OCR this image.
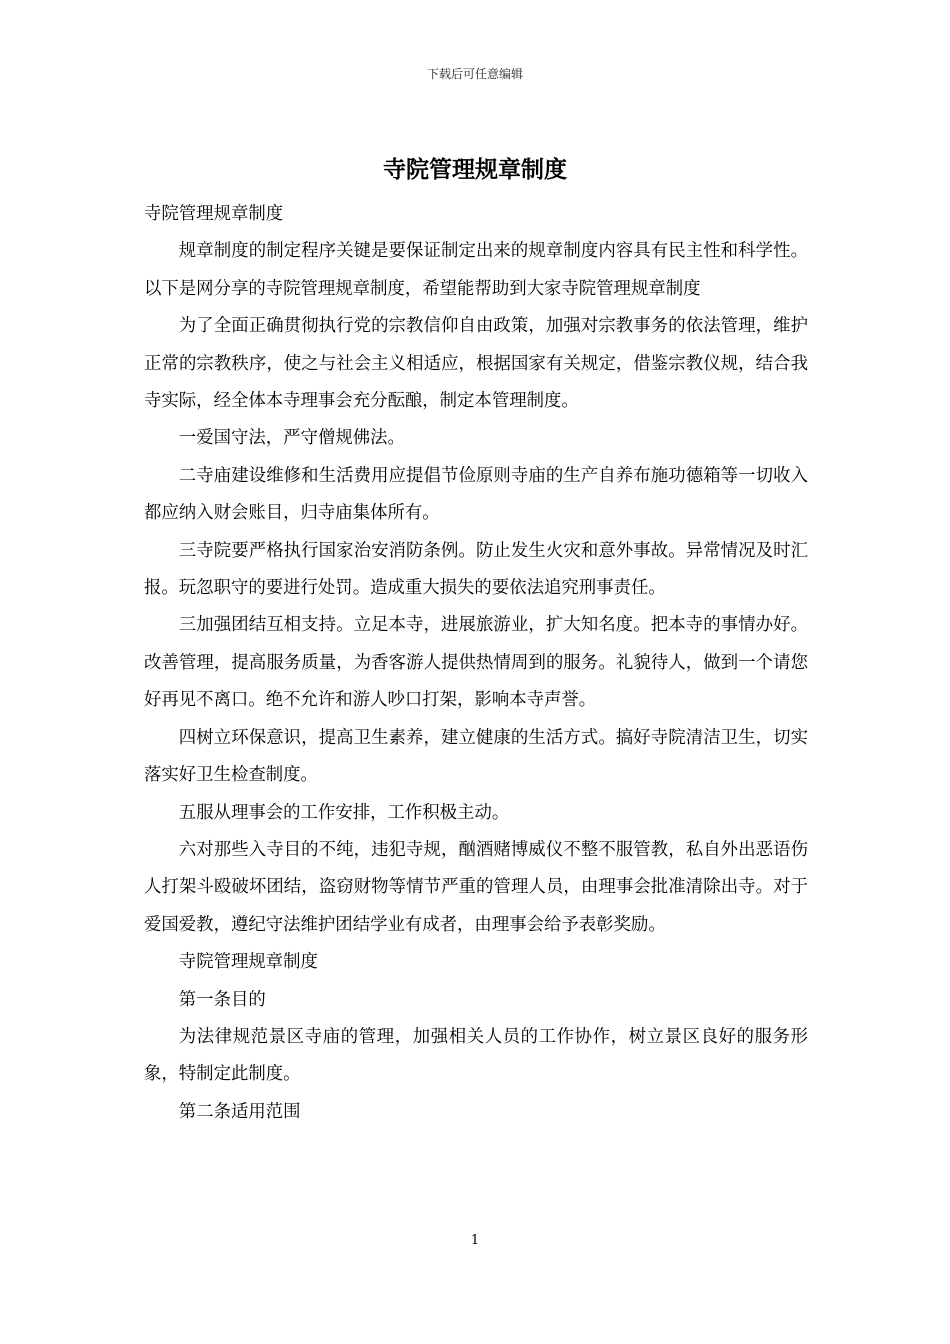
下载后可任意编辑
寺院管理规章制度

寺院管理规章制度

规章制度的制定程序关键是要保证制定出来的规章制度内容具有民主性和科学性。以下是网分享的寺院管理规章制度，希望能帮助到大家寺院管理规章制度

为了全面正确贯彻执行党的宗教信仰自由政策，加强对宗教事务的依法管理，维护正常的宗教秩序，使之与社会主义相适应，根据国家有关规定，借鉴宗教仪规，结合我寺实际，经全体本寺理事会充分酝酿，制定本管理制度。

一爱国守法，严守僧规佛法。

二寺庙建设维修和生活费用应提倡节俭原则寺庙的生产自养布施功德箱等一切收入都应纳入财会账目，归寺庙集体所有。

三寺院要严格执行国家治安消防条例。防止发生火灾和意外事故。异常情况及时汇报。玩忽职守的要进行处罚。造成重大损失的要依法追究刑事责任。

三加强团结互相支持。立足本寺，进展旅游业，扩大知名度。把本寺的事情办好。改善管理，提高服务质量，为香客游人提供热情周到的服务。礼貌待人，做到一个请您好再见不离口。绝不允许和游人吵口打架，影响本寺声誉。

四树立环保意识，提高卫生素养，建立健康的生活方式。搞好寺院清洁卫生，切实落实好卫生检查制度。

五服从理事会的工作安排，工作积极主动。

六对那些入寺目的不纯，违犯寺规，酗酒赌博威仪不整不服管教，私自外出恶语伤人打架斗殴破坏团结，盗窃财物等情节严重的管理人员，由理事会批准清除出寺。对于爱国爱教，遵纪守法维护团结学业有成者，由理事会给予表彰奖励。

寺院管理规章制度

第一条目的

为法律规范景区寺庙的管理，加强相关人员的工作协作，树立景区良好的服务形象，特制定此制度。

第二条适用范围

1
